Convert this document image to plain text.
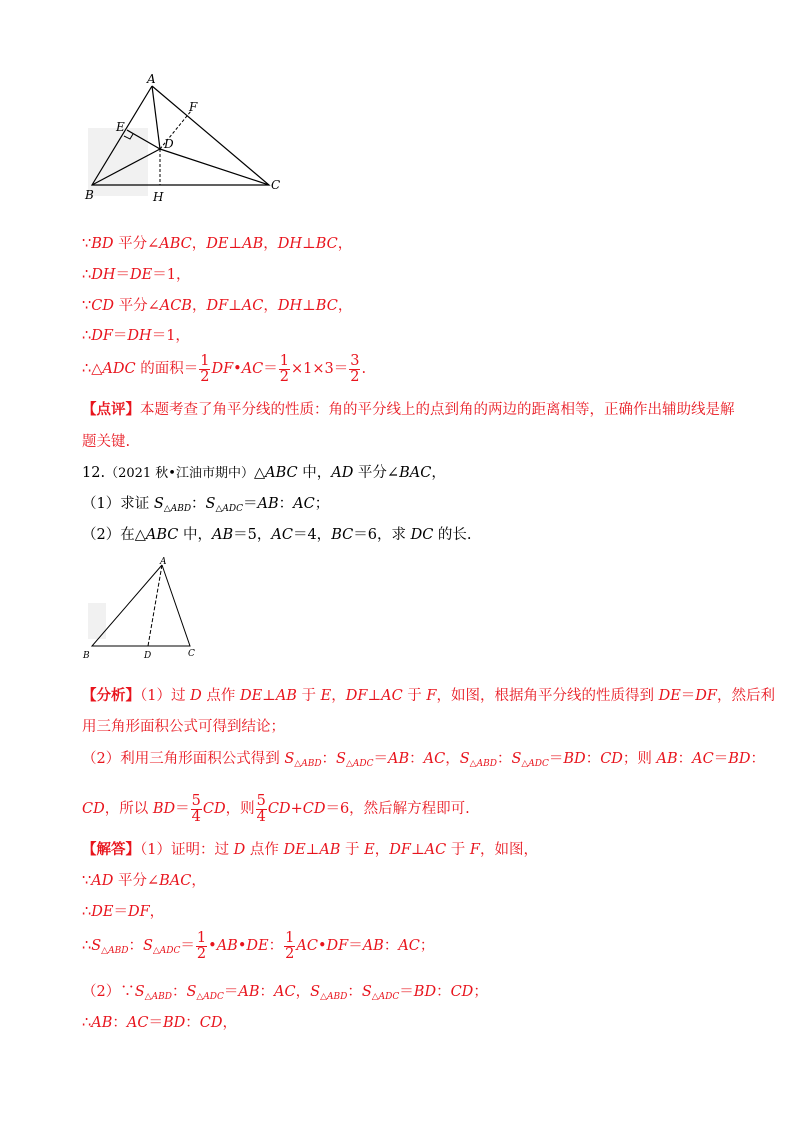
A
B
C
D
E
F
H
∵BD 平分∠ABC，DE⊥AB，DH⊥BC，
∴DH＝DE＝1，
∵CD 平分∠ACB，DF⊥AC，DH⊥BC，
∴DF＝DH＝1，
∴△ADC 的面积＝ $\frac{1}{2}$ DF•AC＝ $\frac{1}{2} \times 1\times 3= \frac{3}{2}$ .
【点评】本题考查了角平分线的性质：角的平分线上的点到角的两边的距离相等，正确作出辅助线是解
题关键.
12.（2021 秋•江油市期中）△ABC 中，AD 平分∠BAC，
（1）求证 $S_{\triangle ABD}$：$S_{\triangle ADC}=AB$：AC；
（2）在△ABC 中，AB＝5，AC＝4，BC＝6，求 DC 的长.
A
B	D	C
【分析】（1）过 D 点作 DE⊥AB 于 E，DF⊥AC 于 F，如图，根据角平分线的性质得到 DE＝DF，然后利
用三角形面积公式可得到结论；
（2）利用三角形面积公式得到 $S_{\triangle ABD}$：$S_{\triangle ADC}=AB$：AC，$S_{\triangle ABD}$：$S_{\triangle ADC}=BD$：CD；则 AB：AC＝BD：
CD，所以 $BD= \frac{5}{4}$ CD，则 $\frac{5}{4} CD+CD=6$，然后解方程即可.
【解答】（1）证明：过 D 点作 DE⊥AB 于 E，DF⊥AC 于 F，如图，
∵AD 平分∠BAC，
∴DE＝DF，
$\therefore S_{\triangle ABD}$：$S_{\triangle ADC}= \frac{1}{2}$ •AB•DE： $\frac{1}{2}$ AC•DF＝AB：AC；
$(2)\because S_{\triangle ABD}$：$S_{\triangle ADC}=AB$：AC，$S_{\triangle ABD}$：$S_{\triangle ADC}=BD$：CD；
∴AB：AC＝BD：CD，
